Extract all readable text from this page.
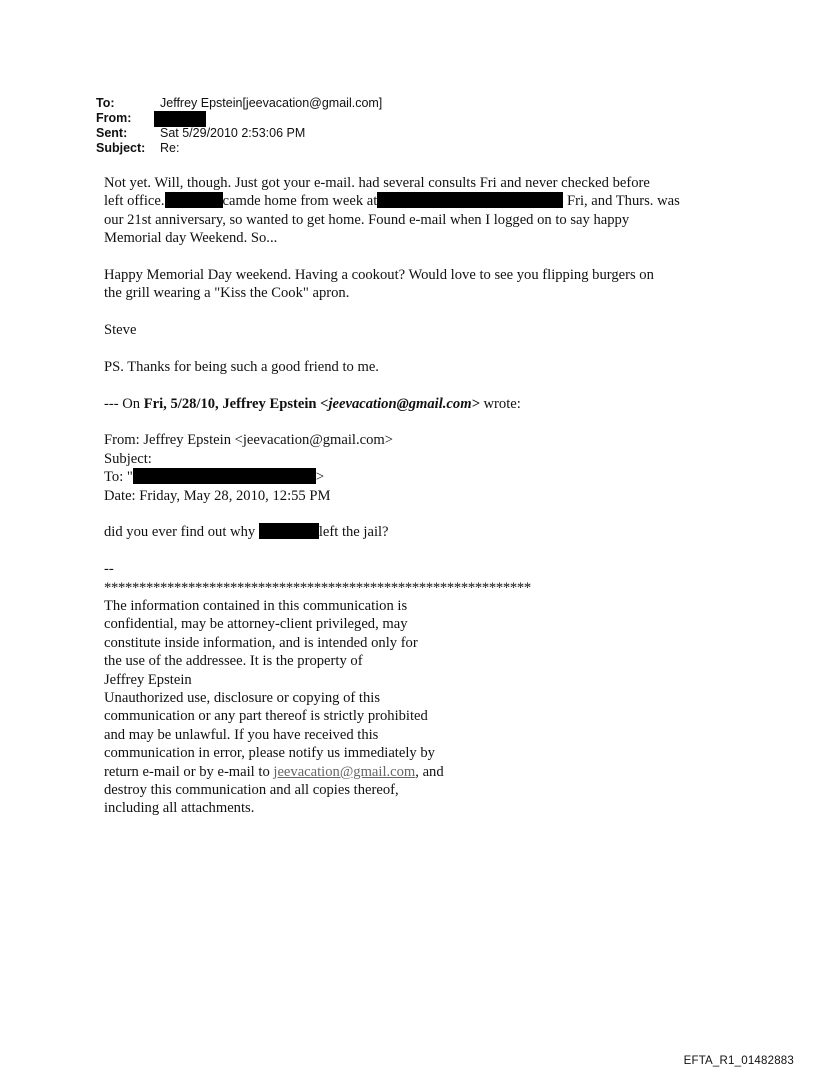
To:	Jeffrey Epstein[jeevacation@gmail.com]
From:
Sent:	Sat 5/29/2010 2:53:06 PM
Subject: Re:
Not yet. Will, though. Just got your e-mail. had several consults Fri and never checked before
left office.	camde home from week at	Fri, and Thurs. was
our 21st anniversary, so wanted to get home. Found e-mail when I logged on to say happy
Memorial day Weekend. So...
Happy Memorial Day weekend. Having a cookout? Would love to see you flipping burgers on
the grill wearing a "Kiss the Cook" apron.
Steve
PS. Thanks for being such a good friend to me.
--- On Fri, 5/28/10, Jeffrey Epstein <jeevacation@gmail.com> wrote:
From: Jeffrey Epstein <jeevacation@gmail.com>
Subject:
To: "	>
Date: Friday, May 28, 2010, 12:55 PM
did you ever find out why	left the jail?
--
*************************************************************
The information contained in this communication is
confidential, may be attorney-client privileged, may
constitute inside information, and is intended only for
the use of the addressee. It is the property of
Jeffrey Epstein
Unauthorized use, disclosure or copying of this
communication or any part thereof is strictly prohibited
and may be unlawful. If you have received this
communication in error, please notify us immediately by
return e-mail or by e-mail to jeevacation@gmail.com, and
destroy this communication and all copies thereof,
including all attachments.
EFTA_R1_01482883
